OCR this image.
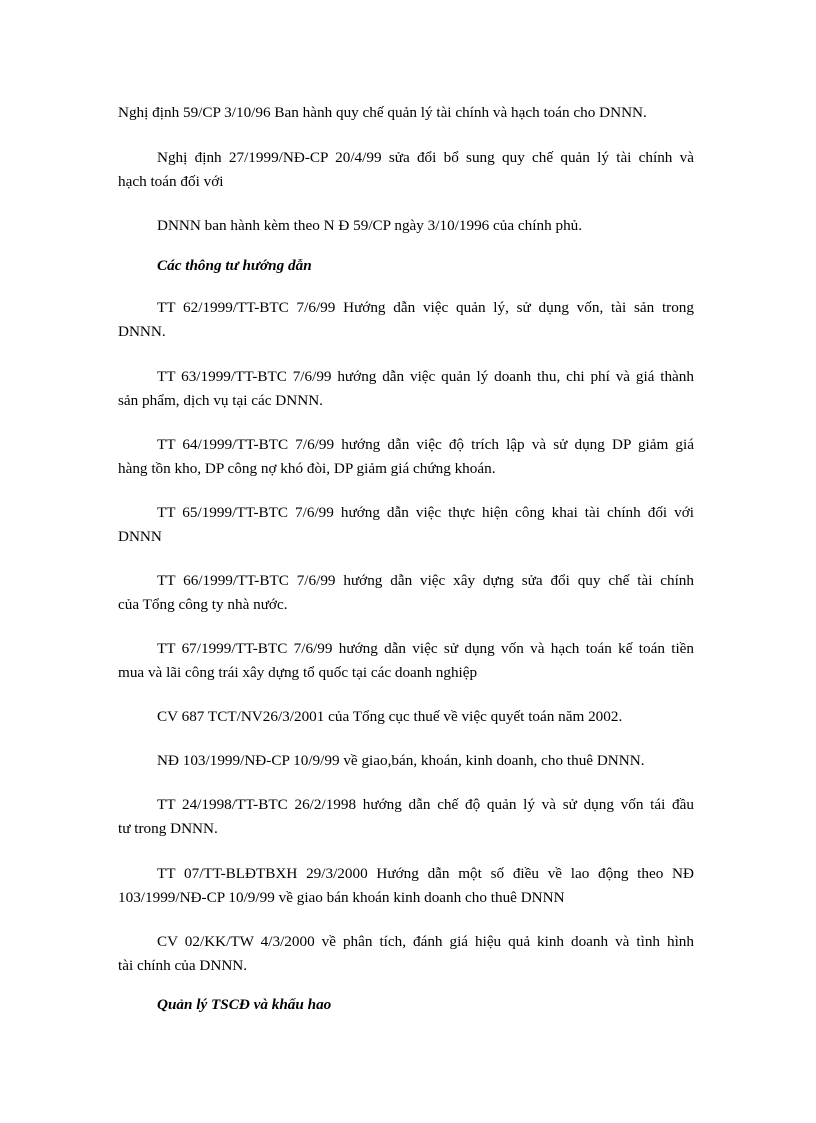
Nghị định 59/CP 3/10/96 Ban hành quy chế quản lý tài chính và hạch toán cho DNNN.
Nghị định 27/1999/NĐ-CP 20/4/99 sửa đổi bổ sung quy chế quản lý tài chính và
hạch toán đối với
DNNN ban hành kèm theo N Đ 59/CP ngày 3/10/1996 của chính phủ.
Các thông tư hướng dẫn
TT 62/1999/TT-BTC 7/6/99 Hướng dẫn việc quản lý, sử dụng vốn, tài sản trong
DNNN.
TT 63/1999/TT-BTC 7/6/99 hướng dẫn việc quản lý doanh thu, chi phí và giá thành
sản phẩm, dịch vụ tại các DNNN.
TT 64/1999/TT-BTC 7/6/99 hướng dẫn việc độ trích lập và sử dụng DP giảm giá
hàng tồn kho, DP công nợ khó đòi, DP giảm giá chứng khoán.
TT 65/1999/TT-BTC 7/6/99 hướng dẫn việc thực hiện công khai tài chính đối với
DNNN
TT 66/1999/TT-BTC 7/6/99 hướng dẫn việc xây dựng sửa đổi quy chế tài chính
của Tổng công ty nhà nước.
TT 67/1999/TT-BTC 7/6/99 hướng dẫn việc sử dụng vốn và hạch toán kế toán tiền
mua và lãi công trái xây dựng tổ quốc tại các doanh nghiệp
CV 687 TCT/NV26/3/2001 của Tổng cục thuế về việc quyết toán năm 2002.
NĐ 103/1999/NĐ-CP 10/9/99 về giao,bán, khoán, kinh doanh, cho thuê DNNN.
TT 24/1998/TT-BTC 26/2/1998 hướng dẫn chế độ quản lý và sử dụng vốn tái đầu
tư trong DNNN.
TT 07/TT-BLĐTBXH 29/3/2000 Hướng dẫn một số điều về lao động theo NĐ
103/1999/NĐ-CP 10/9/99 về giao bán khoán kinh doanh cho thuê DNNN
CV 02/KK/TW 4/3/2000 về phân tích, đánh giá hiệu quả kinh doanh và tình hình
tài chính của DNNN.
Quản lý TSCĐ và khấu hao
